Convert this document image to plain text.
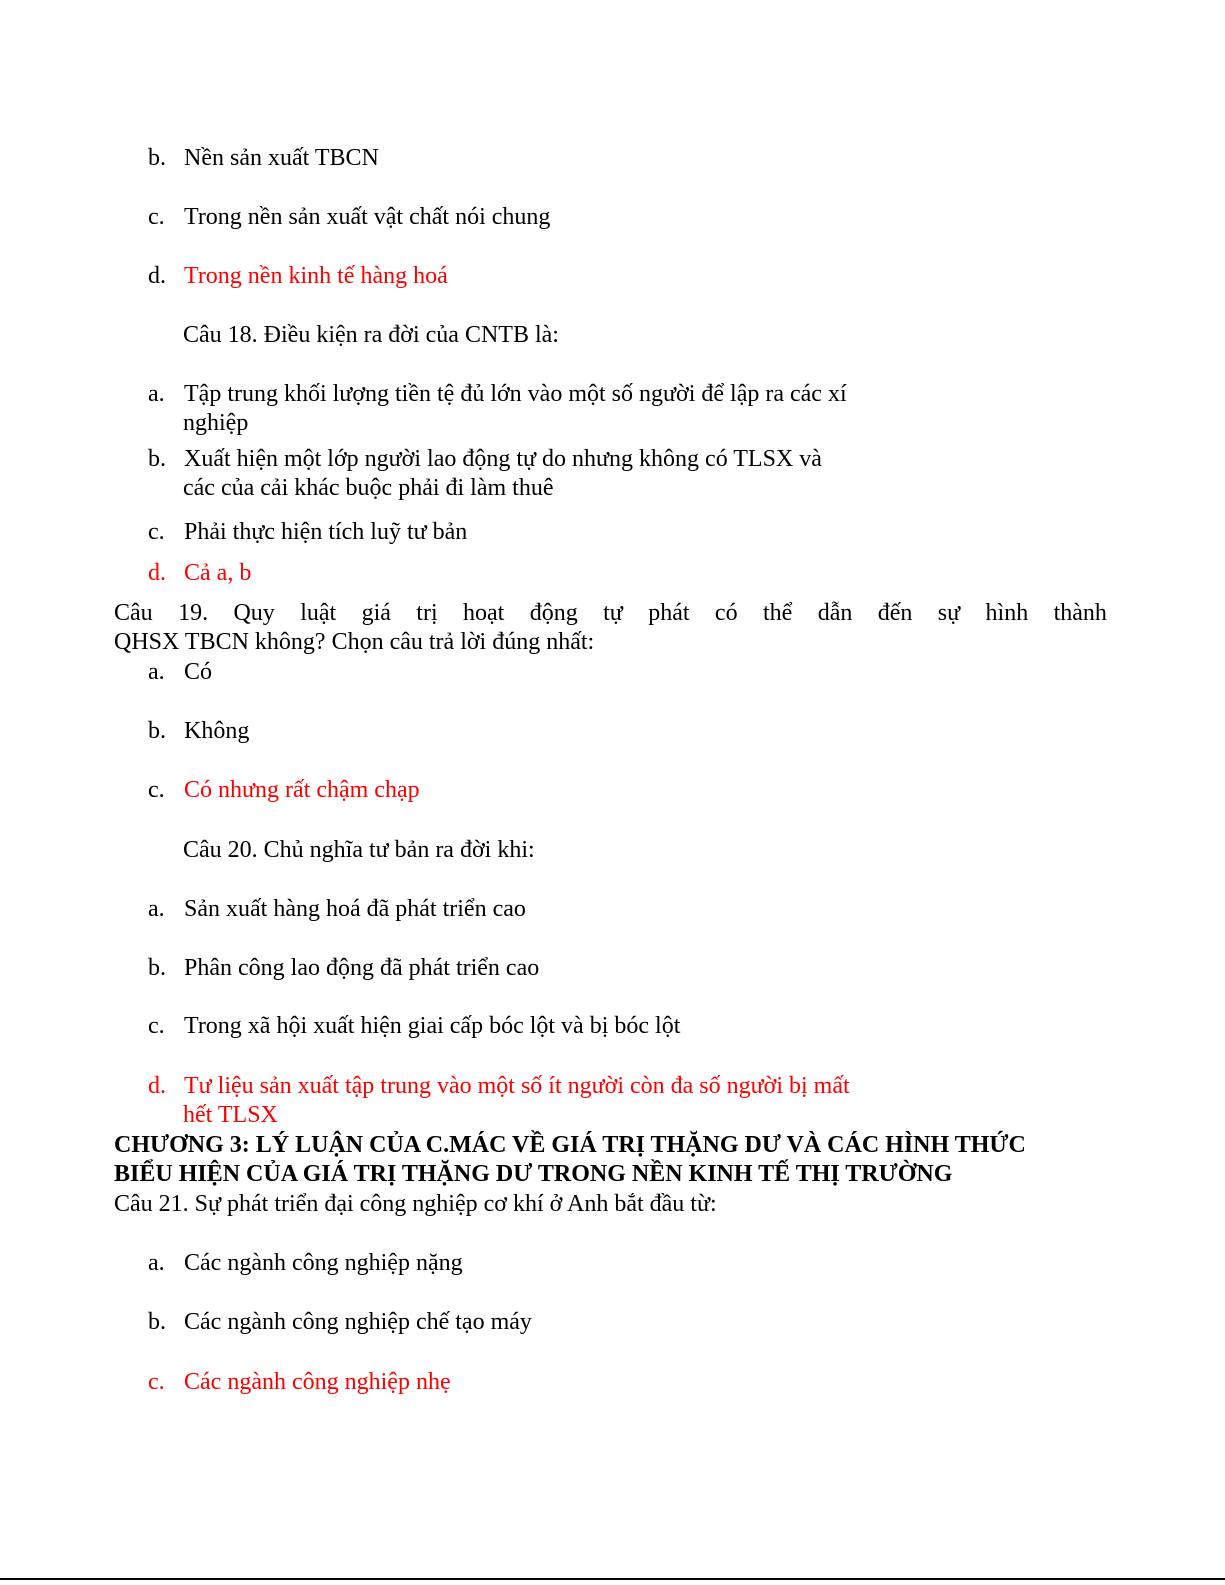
b. Nền sản xuất TBCN
c. Trong nền sản xuất vật chất nói chung
d. Trong nền kinh tế hàng hoá
Câu 18. Điều kiện ra đời của CNTB là:
a. Tập trung khối lượng tiền tệ đủ lớn vào một số người để lập ra các xí
nghiệp
b. Xuất hiện một lớp người lao động tự do nhưng không có TLSX và
các của cải khác buộc phải đi làm thuê
c. Phải thực hiện tích luỹ tư bản
d. Cả a, b
Câu 19. Quy luật giá trị hoạt động tự phát có thể dẫn đến sự hình thành
QHSX TBCN không? Chọn câu trả lời đúng nhất:
a. Có
b. Không
c. Có nhưng rất chậm chạp
Câu 20. Chủ nghĩa tư bản ra đời khi:
a. Sản xuất hàng hoá đã phát triển cao
b. Phân công lao động đã phát triển cao
c. Trong xã hội xuất hiện giai cấp bóc lột và bị bóc lột
d. Tư liệu sản xuất tập trung vào một số ít người còn đa số người bị mất
hết TLSX
CHƯƠNG 3: LÝ LUẬN CỦA C.MÁC VỀ GIÁ TRỊ THẶNG DƯ VÀ CÁC HÌNH THỨC
BIỂU HIỆN CỦA GIÁ TRỊ THẶNG DƯ TRONG NỀN KINH TẾ THỊ TRƯỜNG
Câu 21. Sự phát triển đại công nghiệp cơ khí ở Anh bắt đầu từ:
a. Các ngành công nghiệp nặng
b. Các ngành công nghiệp chế tạo máy
c. Các ngành công nghiệp nhẹ
